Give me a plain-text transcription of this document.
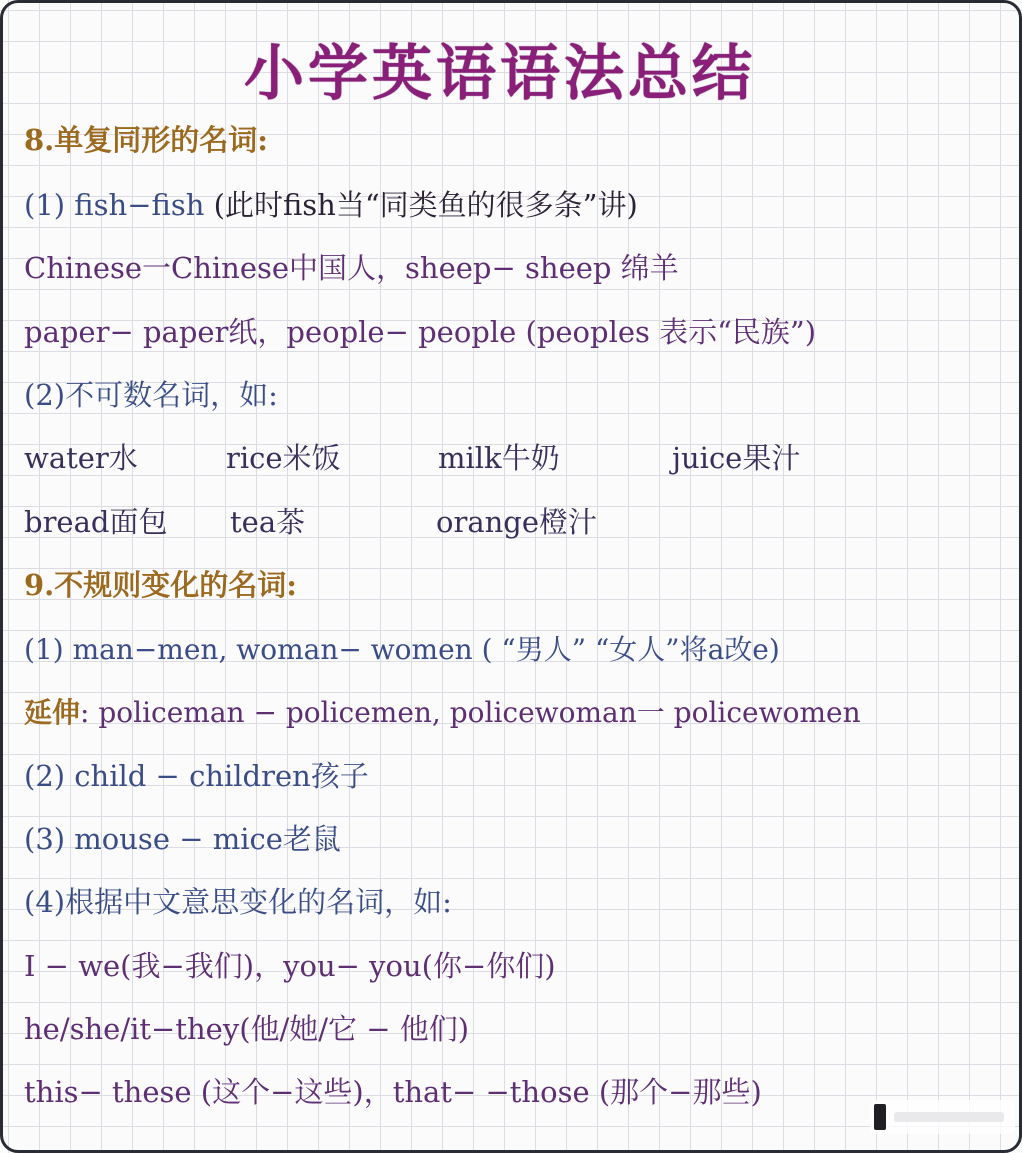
小学英语语法总结
8.单复同形的名词:
(1) fish−fish (此时fish当“同类鱼的很多条”讲)
Chinese一Chinese中国人，sheep− sheep 绵羊
paper− paper纸，people− people (peoples 表示“民族”)
(2)不可数名词，如:
water水	rice米饭	milk牛奶	juice果汁
bread面包 tea茶	orange橙汁
9.不规则变化的名词:
(1) man−men, woman− women ( “男人” “女人”将a改e)
延伸: policeman − policemen, policewoman一 policewomen
(2) child − children孩子
(3) mouse − mice老鼠
(4)根据中文意思变化的名词，如:
I − we(我−我们)，you− you(你−你们)
he/she/it−they(他/她/它 − 他们)
this− these (这个−这些)，that− −those (那个−那些)
